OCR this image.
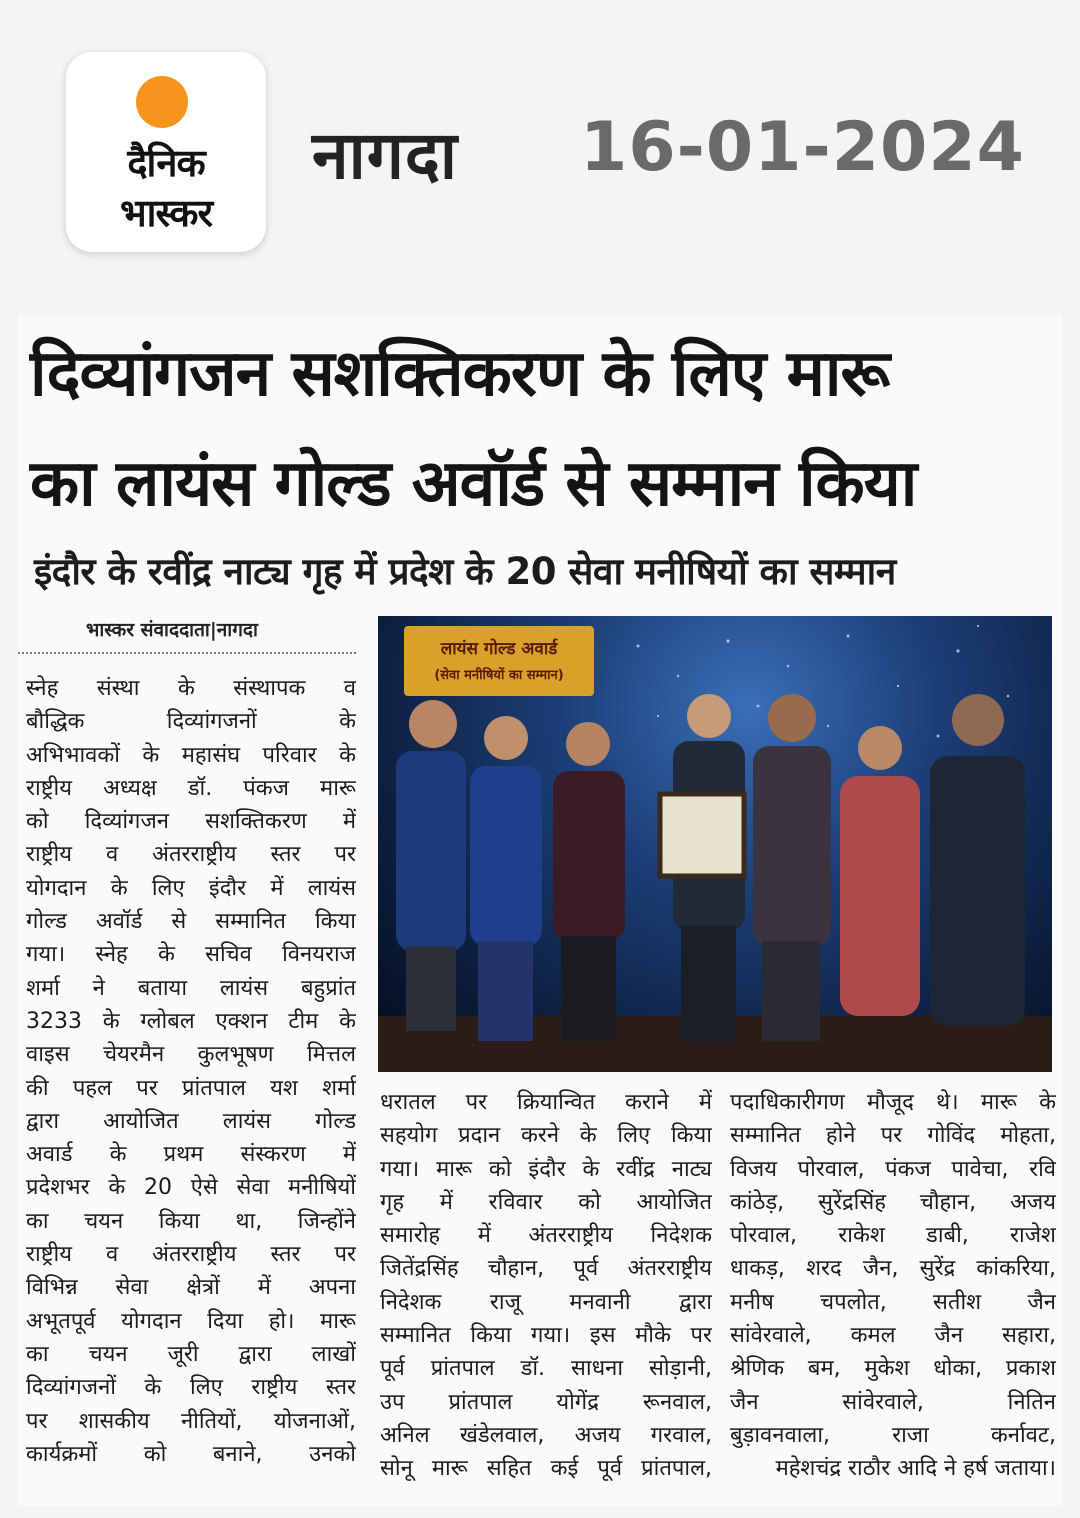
दैनिक
भास्कर
नागदा 16-01-2024
दिव्यांगजन सशक्तिकरण के लिए मारू
का लायंस गोल्ड अवॉर्ड से सम्मान किया
इंदौर के रवींद्र नाट्य गृह में प्रदेश के 20 सेवा मनीषियों का सम्मान
भास्कर संवाददाता|नागदा
लायंस गोल्ड अवार्ड
(सेवा मनीषियों का सम्मान)
स्नेह संस्था के संस्थापक व
बौद्धिक दिव्यांगजनों के
अभिभावकों के महासंघ परिवार के
राष्ट्रीय अध्यक्ष डॉ. पंकज मारू
को दिव्यांगजन सशक्तिकरण में
राष्ट्रीय व अंतरराष्ट्रीय स्तर पर
योगदान के लिए इंदौर में लायंस
गोल्ड अवॉर्ड से सम्मानित किया
गया। स्नेह के सचिव विनयराज
शर्मा ने बताया लायंस बहुप्रांत
3233 के ग्लोबल एक्शन टीम के
वाइस चेयरमैन कुलभूषण मित्तल
की पहल पर प्रांतपाल यश शर्मा
द्वारा आयोजित लायंस गोल्ड
अवार्ड के प्रथम संस्करण में
प्रदेशभर के 20 ऐसे सेवा मनीषियों
का चयन किया था, जिन्होंने
राष्ट्रीय व अंतरराष्ट्रीय स्तर पर
विभिन्न सेवा क्षेत्रों में अपना
अभूतपूर्व योगदान दिया हो। मारू
का चयन जूरी द्वारा लाखों
दिव्यांगजनों के लिए राष्ट्रीय स्तर
पर शासकीय नीतियों, योजनाओं,
कार्यक्रमों को बनाने, उनको
धरातल पर क्रियान्वित कराने में
सहयोग प्रदान करने के लिए किया
गया। मारू को इंदौर के रवींद्र नाट्य
गृह में रविवार को आयोजित
समारोह में अंतरराष्ट्रीय निदेशक
जितेंद्रसिंह चौहान, पूर्व अंतरराष्ट्रीय
निदेशक राजू मनवानी द्वारा
सम्मानित किया गया। इस मौके पर
पूर्व प्रांतपाल डॉ. साधना सोड़ानी,
उप प्रांतपाल योगेंद्र रूनवाल,
अनिल खंडेलवाल, अजय गरवाल,
सोनू मारू सहित कई पूर्व प्रांतपाल,
पदाधिकारीगण मौजूद थे। मारू के
सम्मानित होने पर गोविंद मोहता,
विजय पोरवाल, पंकज पावेचा, रवि
कांठेड़, सुरेंद्रसिंह चौहान, अजय
पोरवाल, राकेश डाबी, राजेश
धाकड़, शरद जैन, सुरेंद्र कांकरिया,
मनीष चपलोत, सतीश जैन
सांवेरवाले, कमल जैन सहारा,
श्रेणिक बम, मुकेश धोका, प्रकाश
जैन सांवेरवाले, नितिन
बुड़ावनवाला, राजा कर्नावट,
महेशचंद्र राठौर आदि ने हर्ष जताया।
